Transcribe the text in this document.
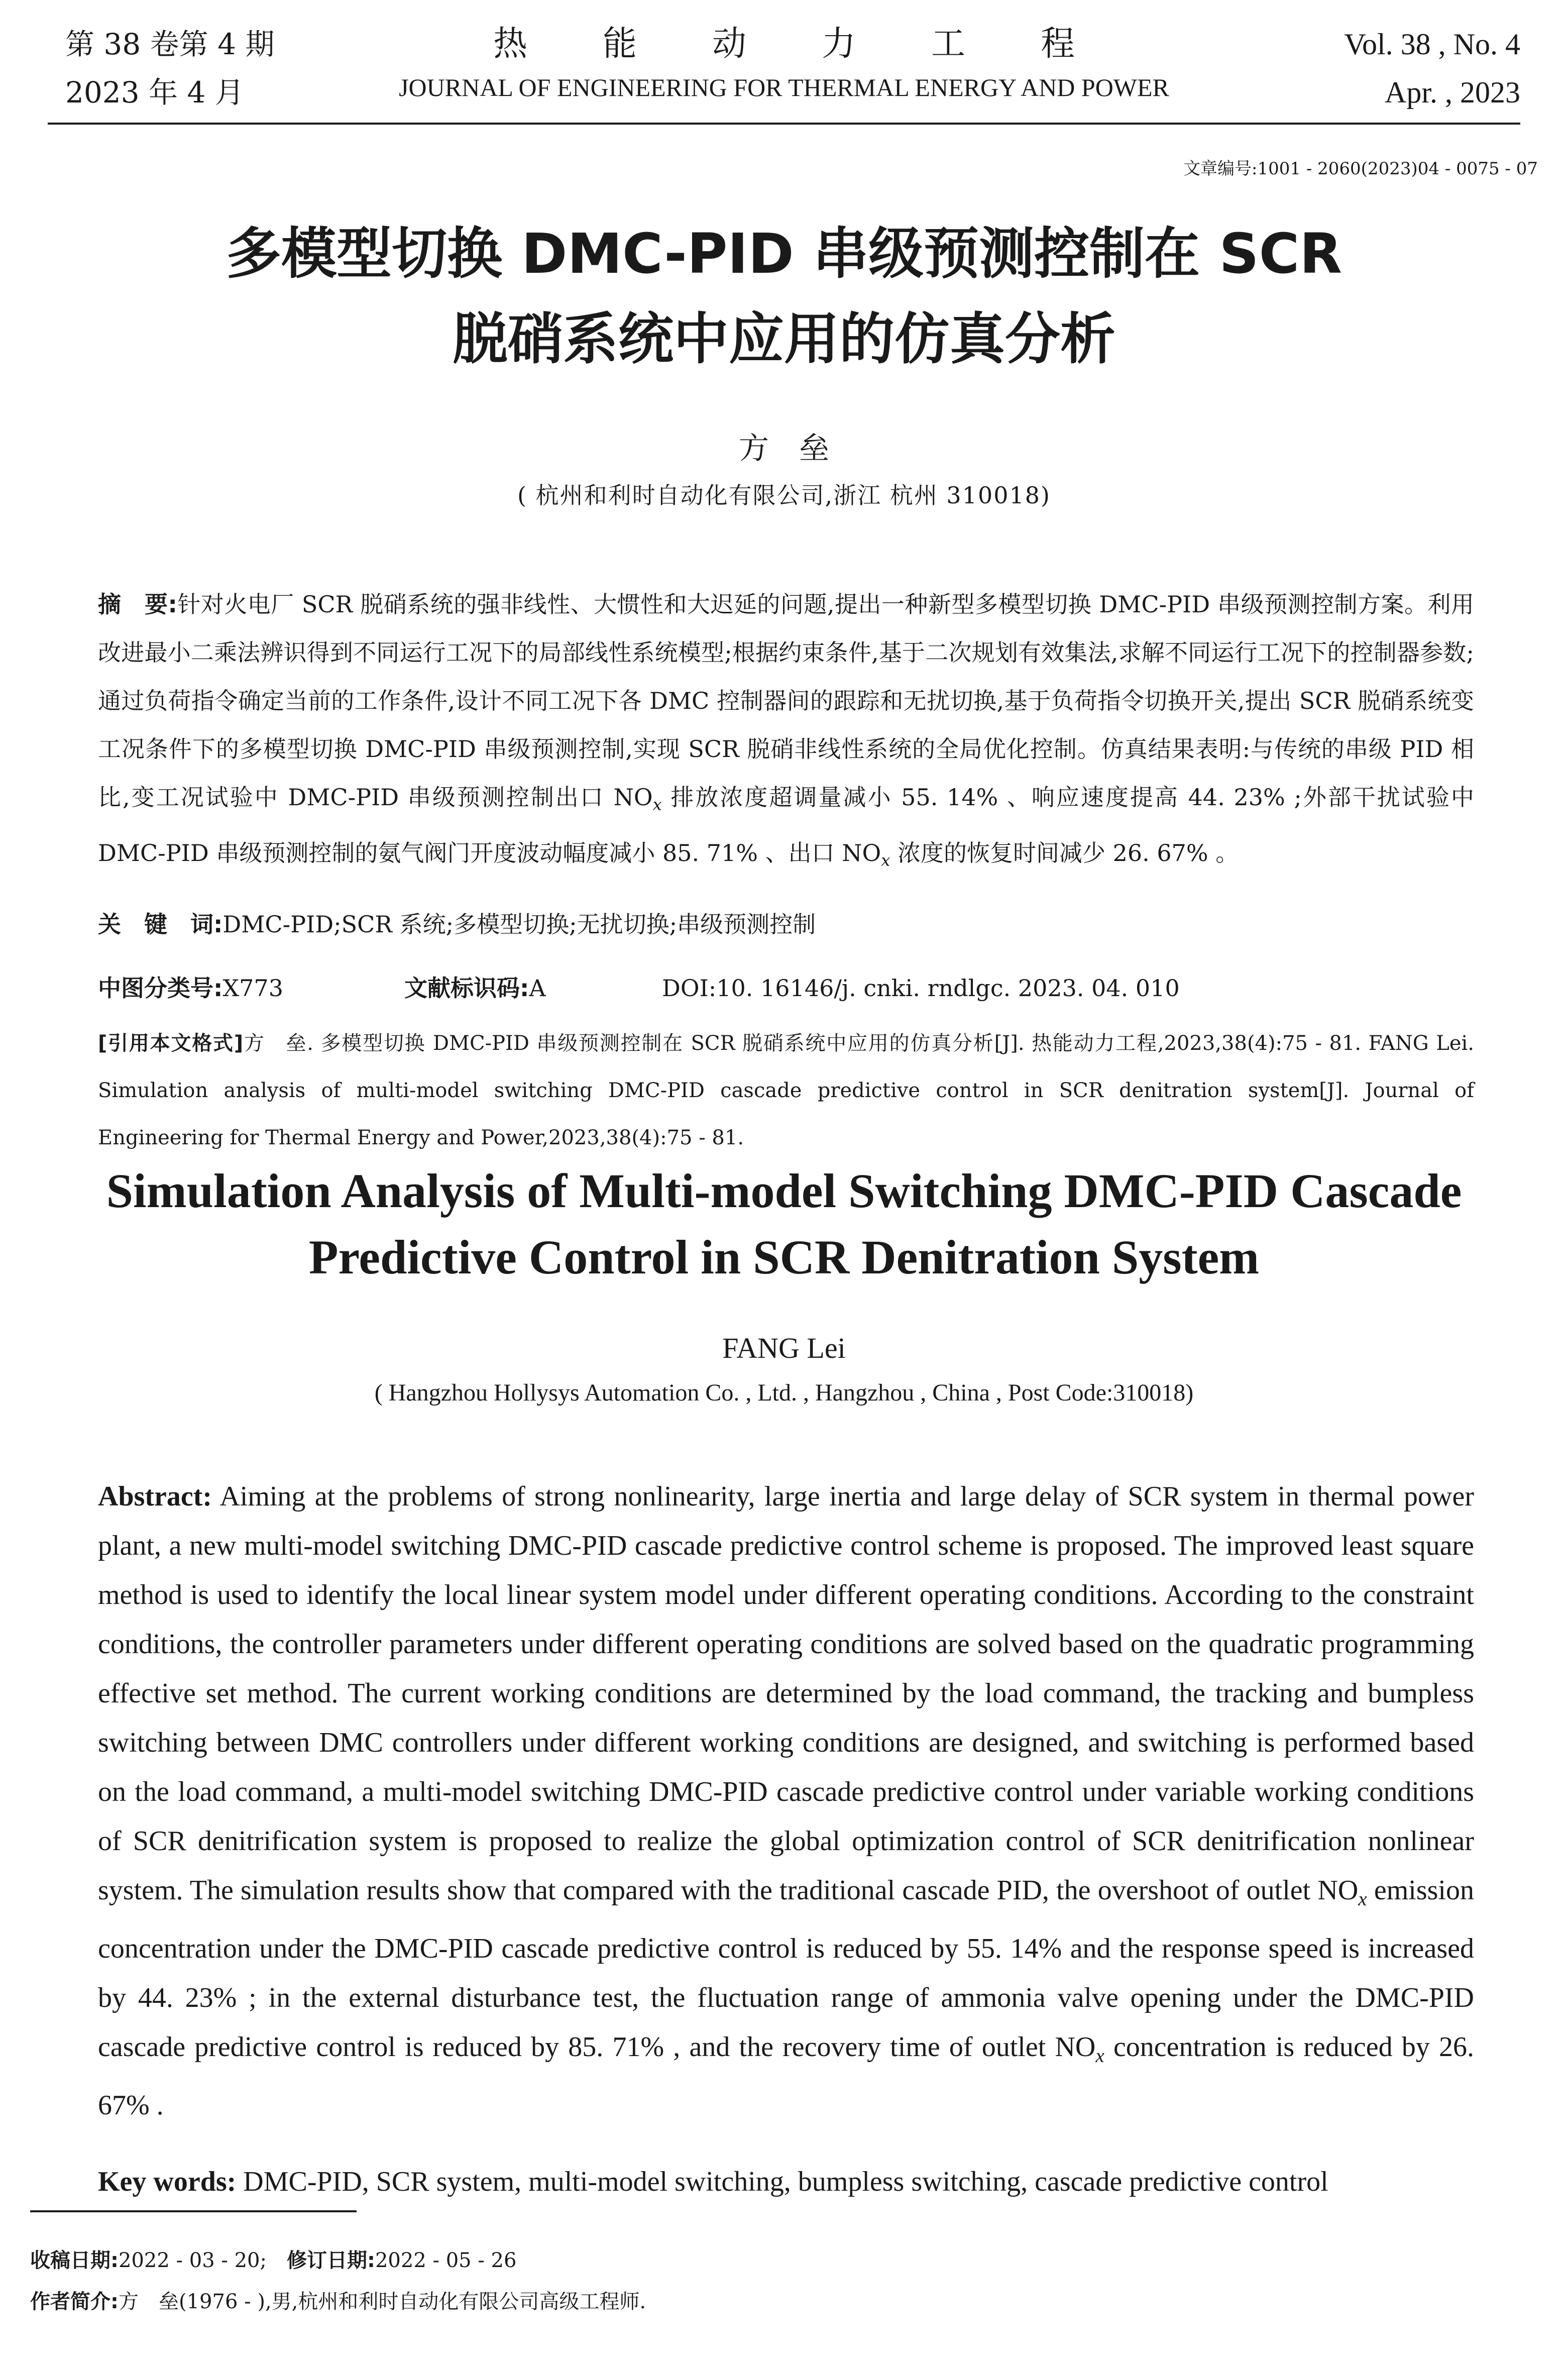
第 38 卷第 4 期
2023 年 4 月
热能动力工程
JOURNAL OF ENGINEERING FOR THERMAL ENERGY AND POWER
Vol. 38 , No. 4
Apr. , 2023
文章编号:1001 - 2060(2023)04 - 0075 - 07
多模型切换 DMC-PID 串级预测控制在 SCR
脱硝系统中应用的仿真分析
方垒
( 杭州和利时自动化有限公司,浙江 杭州 310018)
摘　要:针对火电厂 SCR 脱硝系统的强非线性、大惯性和大迟延的问题,提出一种新型多模型切换 DMC-PID 串级预测控制方案。利用改进最小二乘法辨识得到不同运行工况下的局部线性系统模型;根据约束条件,基于二次规划有效集法,求解不同运行工况下的控制器参数;通过负荷指令确定当前的工作条件,设计不同工况下各 DMC 控制器间的跟踪和无扰切换,基于负荷指令切换开关,提出 SCR 脱硝系统变工况条件下的多模型切换 DMC-PID 串级预测控制,实现 SCR 脱硝非线性系统的全局优化控制。仿真结果表明:与传统的串级 PID 相比,变工况试验中 DMC-PID 串级预测控制出口 $NO_x$ 排放浓度超调量减小 55. 14% 、响应速度提高 44. 23% ;外部干扰试验中 DMC-PID 串级预测控制的氨气阀门开度波动幅度减小 85. 71% 、出口 $NO_x$ 浓度的恢复时间减少 26. 67% 。
关　键　词:DMC-PID;SCR 系统;多模型切换;无扰切换;串级预测控制
中图分类号:X773	文献标识码:A	DOI:10. 16146/j. cnki. rndlgc. 2023. 04. 010
[引用本文格式]方　垒. 多模型切换 DMC-PID 串级预测控制在 SCR 脱硝系统中应用的仿真分析[J]. 热能动力工程,2023,38(4):75 - 81. FANG Lei. Simulation analysis of multi-model switching DMC-PID cascade predictive control in SCR denitration system[J]. Journal of Engineering for Thermal Energy and Power,2023,38(4):75 - 81.
Simulation Analysis of Multi-model Switching DMC-PID Cascade
Predictive Control in SCR Denitration System
FANG Lei
( Hangzhou Hollysys Automation Co. , Ltd. , Hangzhou , China , Post Code:310018)
Abstract: Aiming at the problems of strong nonlinearity, large inertia and large delay of SCR system in thermal power plant, a new multi-model switching DMC-PID cascade predictive control scheme is proposed. The improved least square method is used to identify the local linear system model under different operating conditions. According to the constraint conditions, the controller parameters under different operating conditions are solved based on the quadratic programming effective set method. The current working conditions are determined by the load command, the tracking and bumpless switching between DMC controllers under different working conditions are designed, and switching is performed based on the load command, a multi-model switching DMC-PID cascade predictive control under variable working conditions of SCR denitrification system is proposed to realize the global optimization control of SCR denitrification nonlinear system. The simulation results show that compared with the traditional cascade PID, the overshoot of outlet $NO_x$ emission concentration under the DMC-PID cascade predictive control is reduced by 55. 14% and the response speed is increased by 44. 23% ; in the external disturbance test, the fluctuation range of ammonia valve opening under the DMC-PID cascade predictive control is reduced by 85. 71% , and the recovery time of outlet $NO_x$ concentration is reduced by 26. 67% .
Key words: DMC-PID, SCR system, multi-model switching, bumpless switching, cascade predictive control
收稿日期:2022 - 03 - 20; 修订日期:2022 - 05 - 26
作者简介:方　垒(1976 - ),男,杭州和利时自动化有限公司高级工程师.
